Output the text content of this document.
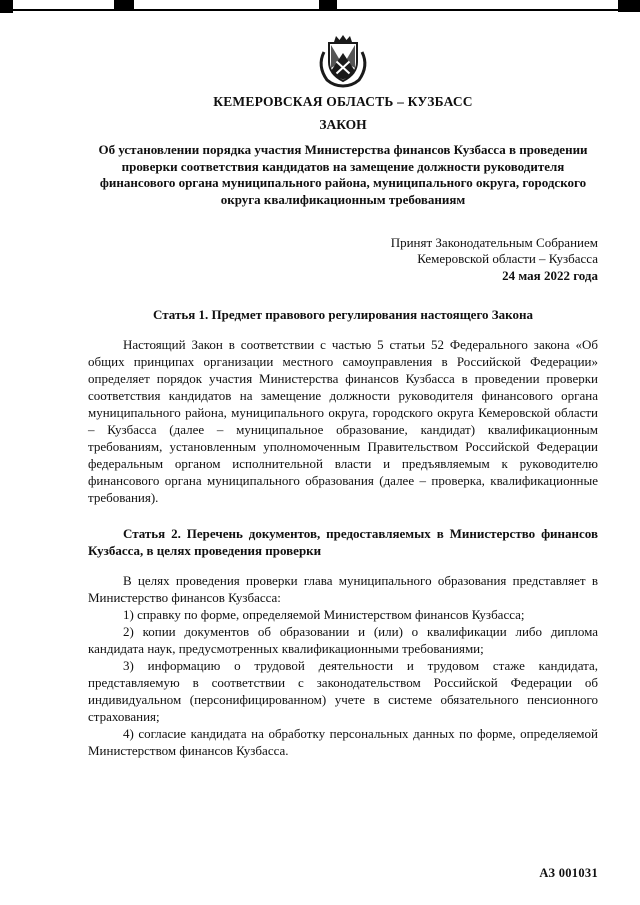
КЕМЕРОВСКАЯ ОБЛАСТЬ – КУЗБАСС
ЗАКОН
Об установлении порядка участия Министерства финансов Кузбасса в проведении проверки соответствия кандидатов на замещение должности руководителя финансового органа муниципального района, муниципального округа, городского округа квалификационным требованиям
Принят Законодательным Собранием
Кемеровской области – Кузбасса
24 мая 2022 года
Статья 1. Предмет правового регулирования настоящего Закона

Настоящий Закон в соответствии с частью 5 статьи 52 Федерального закона «Об общих принципах организации местного самоуправления в Российской Федерации» определяет порядок участия Министерства финансов Кузбасса в проведении проверки соответствия кандидатов на замещение должности руководителя финансового органа муниципального района, муниципального округа, городского округа Кемеровской области – Кузбасса (далее – муниципальное образование, кандидат) квалификационным требованиям, установленным уполномоченным Правительством Российской Федерации федеральным органом исполнительной власти и предъявляемым к руководителю финансового органа муниципального образования (далее – проверка, квалификационные требования).

Статья 2. Перечень документов, предоставляемых в Министерство финансов Кузбасса, в целях проведения проверки

В целях проведения проверки глава муниципального образования представляет в Министерство финансов Кузбасса:

1) справку по форме, определяемой Министерством финансов Кузбасса;

2) копии документов об образовании и (или) о квалификации либо диплома кандидата наук, предусмотренных квалификационными требованиями;

3) информацию о трудовой деятельности и трудовом стаже кандидата, представляемую в соответствии с законодательством Российской Федерации об индивидуальном (персонифицированном) учете в системе обязательного пенсионного страхования;

4) согласие кандидата на обработку персональных данных по форме, определяемой Министерством финансов Кузбасса.

АЗ 001031
